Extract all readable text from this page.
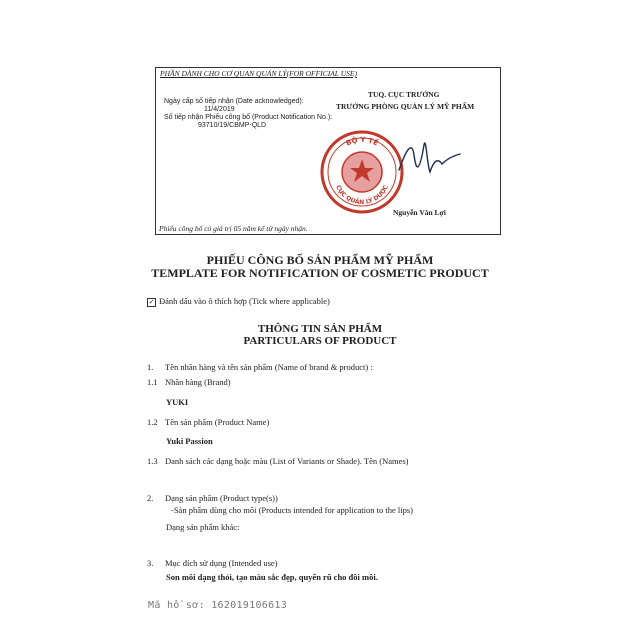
PHẦN DÀNH CHO CƠ QUAN QUẢN LÝ(FOR OFFICIAL USE)
Ngày cấp số tiếp nhận (Date acknowledged):
11/4/2019
Số tiếp nhận Phiếu công bố (Product Notification No.):
93710/19/CBMP-QLD
TUQ. CỤC TRƯỞNG
TRƯỞNG PHÒNG QUẢN LÝ MỸ PHẨM
BỘ Y TẾ
CỤC QUẢN LÝ DƯỢC
Nguyễn Văn Lợi
Phiếu công bố có giá trị 05 năm kể từ ngày nhận.
PHIẾU CÔNG BỐ SẢN PHẨM MỸ PHẨM
TEMPLATE FOR NOTIFICATION OF COSMETIC PRODUCT
✓ Đánh dấu vào ô thích hợp (Tick where applicable)
THÔNG TIN SẢN PHẨM
PARTICULARS OF PRODUCT
1. Tên nhãn hàng và tên sản phẩm (Name of brand & product) :
1.1 Nhãn hàng (Brand)
YUKI
1.2 Tên sản phẩm (Product Name)
Yuki Passion
1.3 Danh sách các dạng hoặc màu (List of Variants or Shade). Tên (Names)
2. Dạng sản phẩm (Product type(s))
-Sản phẩm dùng cho môi (Products intended for application to the lips)
Dạng sản phẩm khác:
3. Mục đích sử dụng (Intended use)
Son môi dạng thỏi, tạo màu sắc đẹp, quyến rũ cho đôi môi.
Mã hồ sơ: 162019106613
